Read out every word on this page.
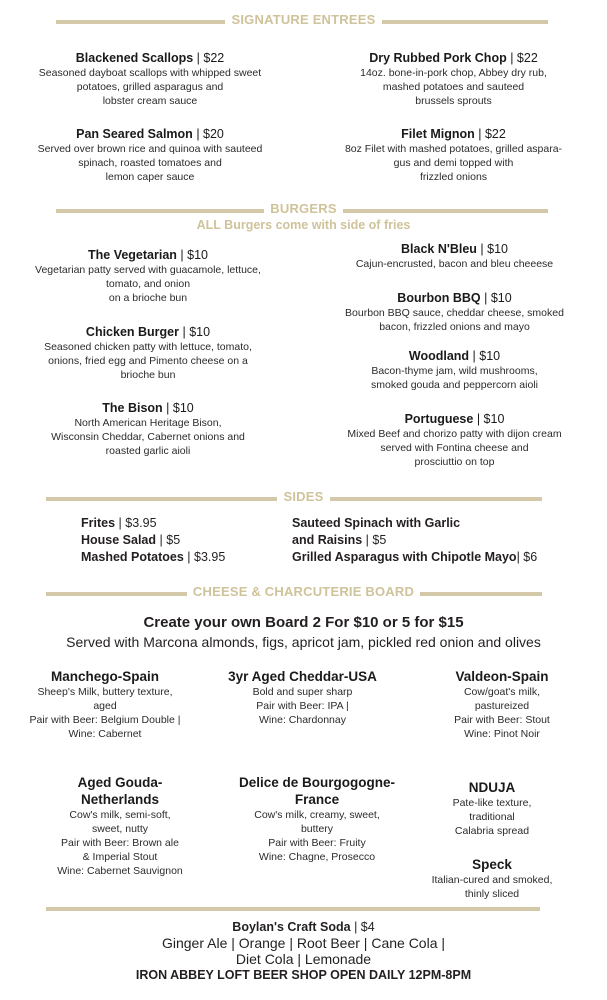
SIGNATURE ENTREES
Blackened Scallops | $22
Seasoned dayboat scallops with whipped sweet
potatoes, grilled asparagus and
lobster cream sauce
Dry Rubbed Pork Chop | $22
14oz. bone-in-pork chop, Abbey dry rub,
mashed potatoes and sauteed
brussels sprouts
Pan Seared Salmon | $20
Served over brown rice and quinoa with sauteed
spinach, roasted tomatoes and
lemon caper sauce
Filet Mignon | $22
8oz Filet with mashed potatoes, grilled aspara-
gus and demi topped with
frizzled onions
BURGERS
ALL Burgers come with side of fries
The Vegetarian | $10
Vegetarian patty served with guacamole, lettuce,
tomato, and onion
on a brioche bun
Chicken Burger | $10
Seasoned chicken patty with lettuce, tomato,
onions, fried egg and Pimento cheese on a
brioche bun
The Bison | $10
North American Heritage Bison,
Wisconsin Cheddar, Cabernet onions and
roasted garlic aioli
Black N'Bleu | $10
Cajun-encrusted, bacon and bleu cheeese
Bourbon BBQ | $10
Bourbon BBQ sauce, cheddar cheese, smoked
bacon, frizzled onions and mayo
Woodland | $10
Bacon-thyme jam, wild mushrooms,
smoked gouda and peppercorn aioli
Portuguese | $10
Mixed Beef and chorizo patty with dijon cream
served with Fontina cheese and
prosciuttio on top
SIDES
Frites | $3.95
House Salad | $5
Mashed Potatoes | $3.95
Sauteed Spinach with Garlic
and Raisins | $5
Grilled Asparagus with Chipotle Mayo| $6
CHEESE & CHARCUTERIE BOARD
Create your own Board 2 For $10 or 5 for $15
Served with Marcona almonds, figs, apricot jam, pickled red onion and olives
Manchego-Spain
Sheep's Milk, buttery texture,
aged
Pair with Beer: Belgium Double |
Wine: Cabernet
3yr Aged Cheddar-USA
Bold and super sharp
Pair with Beer: IPA |
Wine: Chardonnay
Valdeon-Spain
Cow/goat's milk,
pastureized
Pair with Beer: Stout
Wine: Pinot Noir
Aged Gouda-
Netherlands
Cow's milk, semi-soft,
sweet, nutty
Pair with Beer: Brown ale
& Imperial Stout
Wine: Cabernet Sauvignon
Delice de Bourgogogne-
France
Cow's milk, creamy, sweet,
buttery
Pair with Beer: Fruity
Wine: Chagne, Prosecco
NDUJA
Pate-like texture,
traditional
Calabria spread
Speck
Italian-cured and smoked,
thinly sliced
Boylan's Craft Soda | $4
Ginger Ale | Orange | Root Beer | Cane Cola |
Diet Cola | Lemonade
IRON ABBEY LOFT BEER SHOP OPEN DAILY 12PM-8PM
